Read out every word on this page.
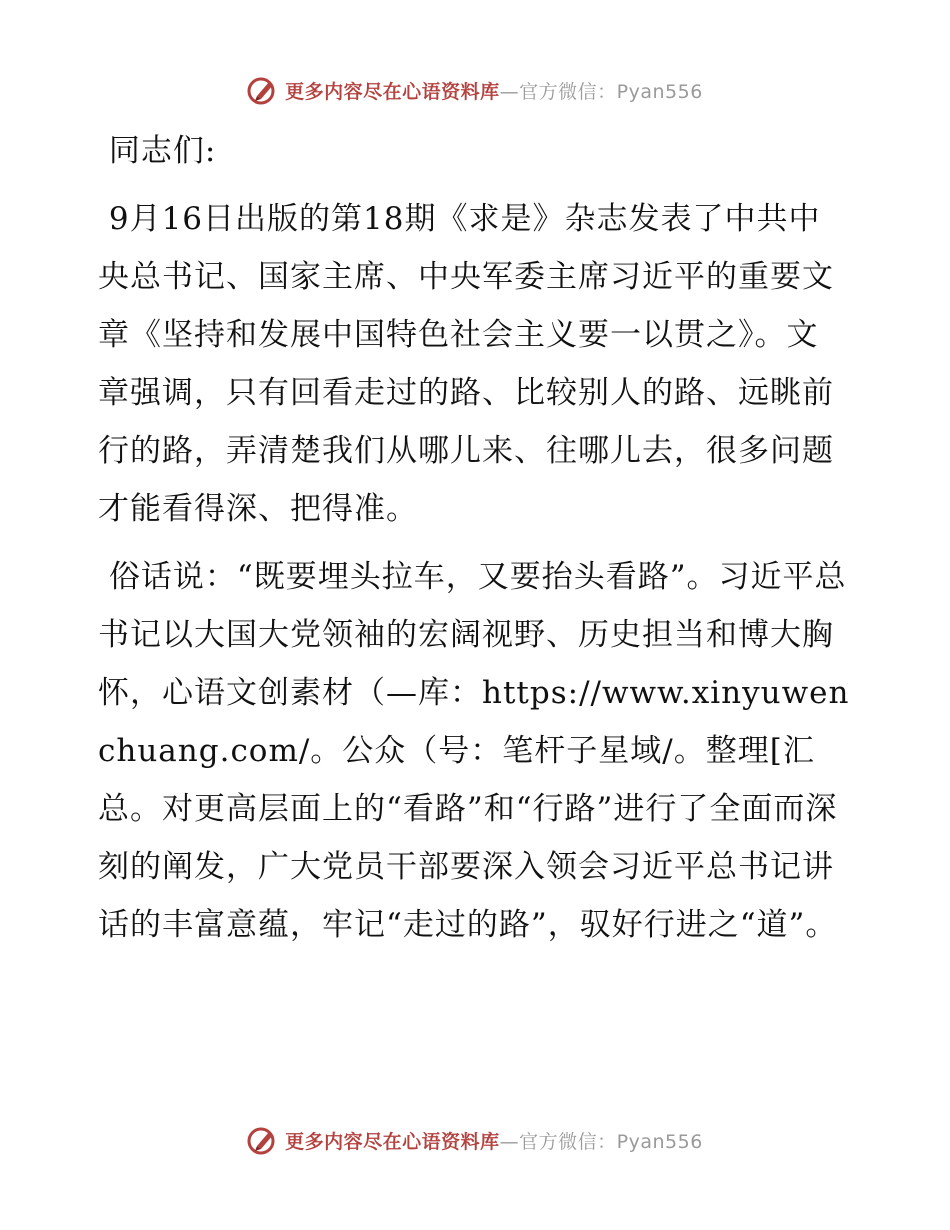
更多内容尽在心语资料库—官方微信：Pyan556

同志们:

9月16日出版的第18期《求是》杂志发表了中共中央总书记、国家主席、中央军委主席习近平的重要文章《坚持和发展中国特色社会主义要一以贯之》。文章强调，只有回看走过的路、比较别人的路、远眺前行的路，弄清楚我们从哪儿来、往哪儿去，很多问题才能看得深、把得准。

俗话说：“既要埋头拉车，又要抬头看路”。习近平总书记以大国大党领袖的宏阔视野、历史担当和博大胸怀，心语文创素材（—库：https://www.xinyuwenchuang.com/。公众（号：笔杆子星域/。整理[汇总。对更高层面上的“看路”和“行路”进行了全面而深刻的阐发，广大党员干部要深入领会习近平总书记讲话的丰富意蕴，牢记“走过的路”，驭好行进之“道”。

更多内容尽在心语资料库—官方微信：Pyan556
